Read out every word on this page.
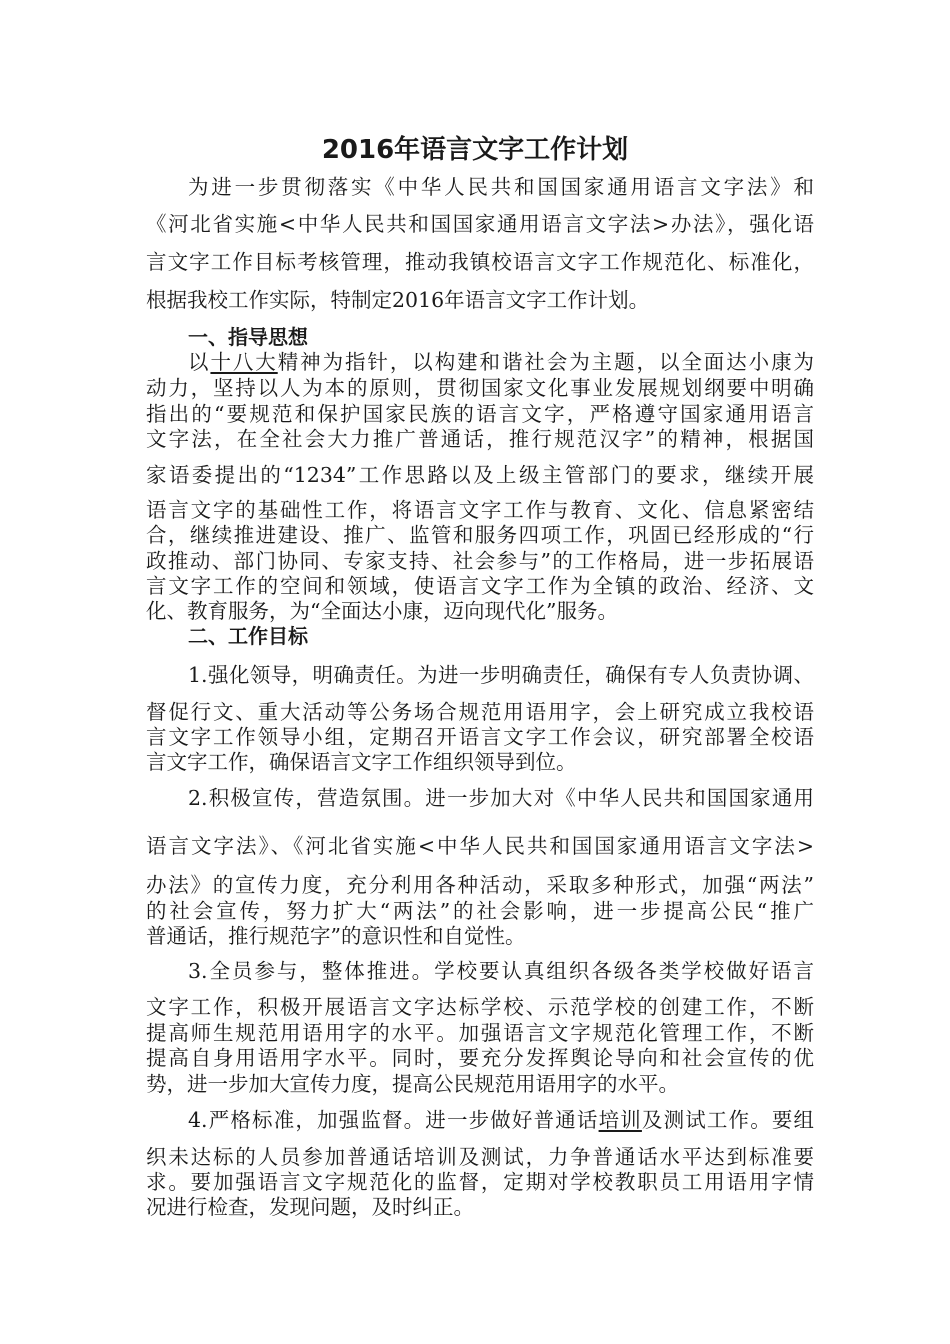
2016年语言文字工作计划
为进一步贯彻落实《中华人民共和国国家通用语言文字法》和
《河北省实施<中华人民共和国国家通用语言文字法>办法》，强化语
言文字工作目标考核管理，推动我镇校语言文字工作规范化、标准化，
根据我校工作实际，特制定2016年语言文字工作计划。
一、指导思想
以十八大精神为指针，以构建和谐社会为主题，以全面达小康为
动力，坚持以人为本的原则，贯彻国家文化事业发展规划纲要中明确
指出的“要规范和保护国家民族的语言文字，严格遵守国家通用语言
文字法，在全社会大力推广普通话，推行规范汉字”的精神，根据国
家语委提出的“1234”工作思路以及上级主管部门的要求，继续开展
语言文字的基础性工作，将语言文字工作与教育、文化、信息紧密结
合，继续推进建设、推广、监管和服务四项工作，巩固已经形成的“行
政推动、部门协同、专家支持、社会参与”的工作格局，进一步拓展语
言文字工作的空间和领域，使语言文字工作为全镇的政治、经济、文
化、教育服务，为“全面达小康，迈向现代化”服务。
二、工作目标
1.强化领导，明确责任。为进一步明确责任，确保有专人负责协调、
督促行文、重大活动等公务场合规范用语用字，会上研究成立我校语
言文字工作领导小组，定期召开语言文字工作会议，研究部署全校语
言文字工作，确保语言文字工作组织领导到位。
2.积极宣传，营造氛围。进一步加大对《中华人民共和国国家通用
语言文字法》、《河北省实施<中华人民共和国国家通用语言文字法>
办法》的宣传力度，充分利用各种活动，采取多种形式，加强“两法”
的社会宣传，努力扩大“两法”的社会影响，进一步提高公民“推广
普通话，推行规范字”的意识性和自觉性。
3.全员参与，整体推进。学校要认真组织各级各类学校做好语言
文字工作，积极开展语言文字达标学校、示范学校的创建工作，不断
提高师生规范用语用字的水平。加强语言文字规范化管理工作，不断
提高自身用语用字水平。同时，要充分发挥舆论导向和社会宣传的优
势，进一步加大宣传力度，提高公民规范用语用字的水平。
4.严格标准，加强监督。进一步做好普通话培训及测试工作。要组
织未达标的人员参加普通话培训及测试，力争普通话水平达到标准要
求。要加强语言文字规范化的监督，定期对学校教职员工用语用字情
况进行检查，发现问题，及时纠正。
